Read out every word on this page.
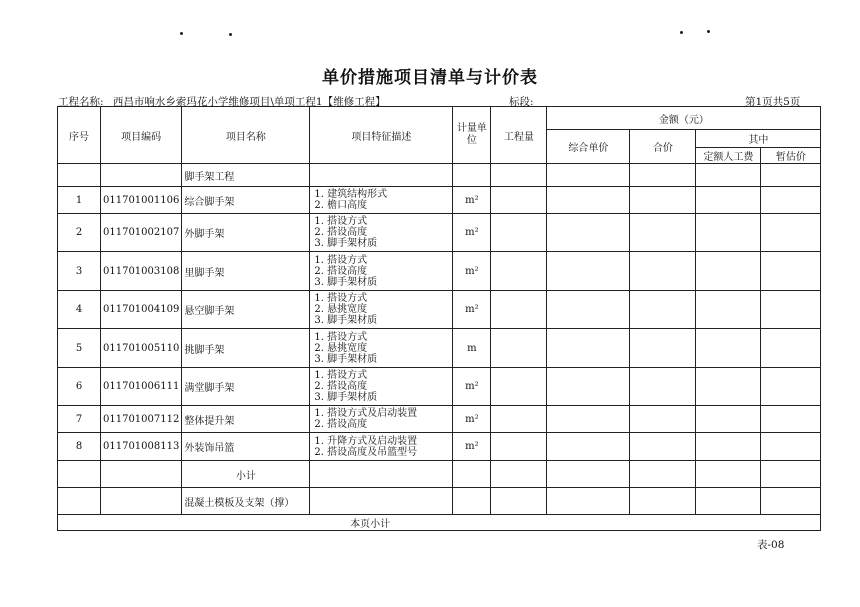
单价措施项目清单与计价表
工程名称: 西昌市响水乡索玛花小学维修项目\单项工程1【维修工程】	标段:	第1页共5页
序号	项目编码	项目名称	项目特征描述	计量单位	工程量	金额（元）			
						综合单价	合价	其中	
								定额人工费	暂估价
		脚手架工程							
1	011701001106	综合脚手架	1. 建筑结构形式
2. 檐口高度	m²					
2	011701002107	外脚手架	1. 搭设方式
2. 搭设高度
3. 脚手架材质	m²					
3	011701003108	里脚手架	1. 搭设方式
2. 搭设高度
3. 脚手架材质	m²					
4	011701004109	悬空脚手架	1. 搭设方式
2. 悬挑宽度
3. 脚手架材质	m²					
5	011701005110	挑脚手架	1. 搭设方式
2. 悬挑宽度
3. 脚手架材质	m					
6	011701006111	满堂脚手架	1. 搭设方式
2. 搭设高度
3. 脚手架材质	m²					
7	011701007112	整体提升架	1. 搭设方式及启动装置
2. 搭设高度	m²					
8	011701008113	外装饰吊篮	1. 升降方式及启动装置
2. 搭设高度及吊篮型号	m²					
		小计							
		混凝土模板及支架（撑）							
本页小计									
表-08
